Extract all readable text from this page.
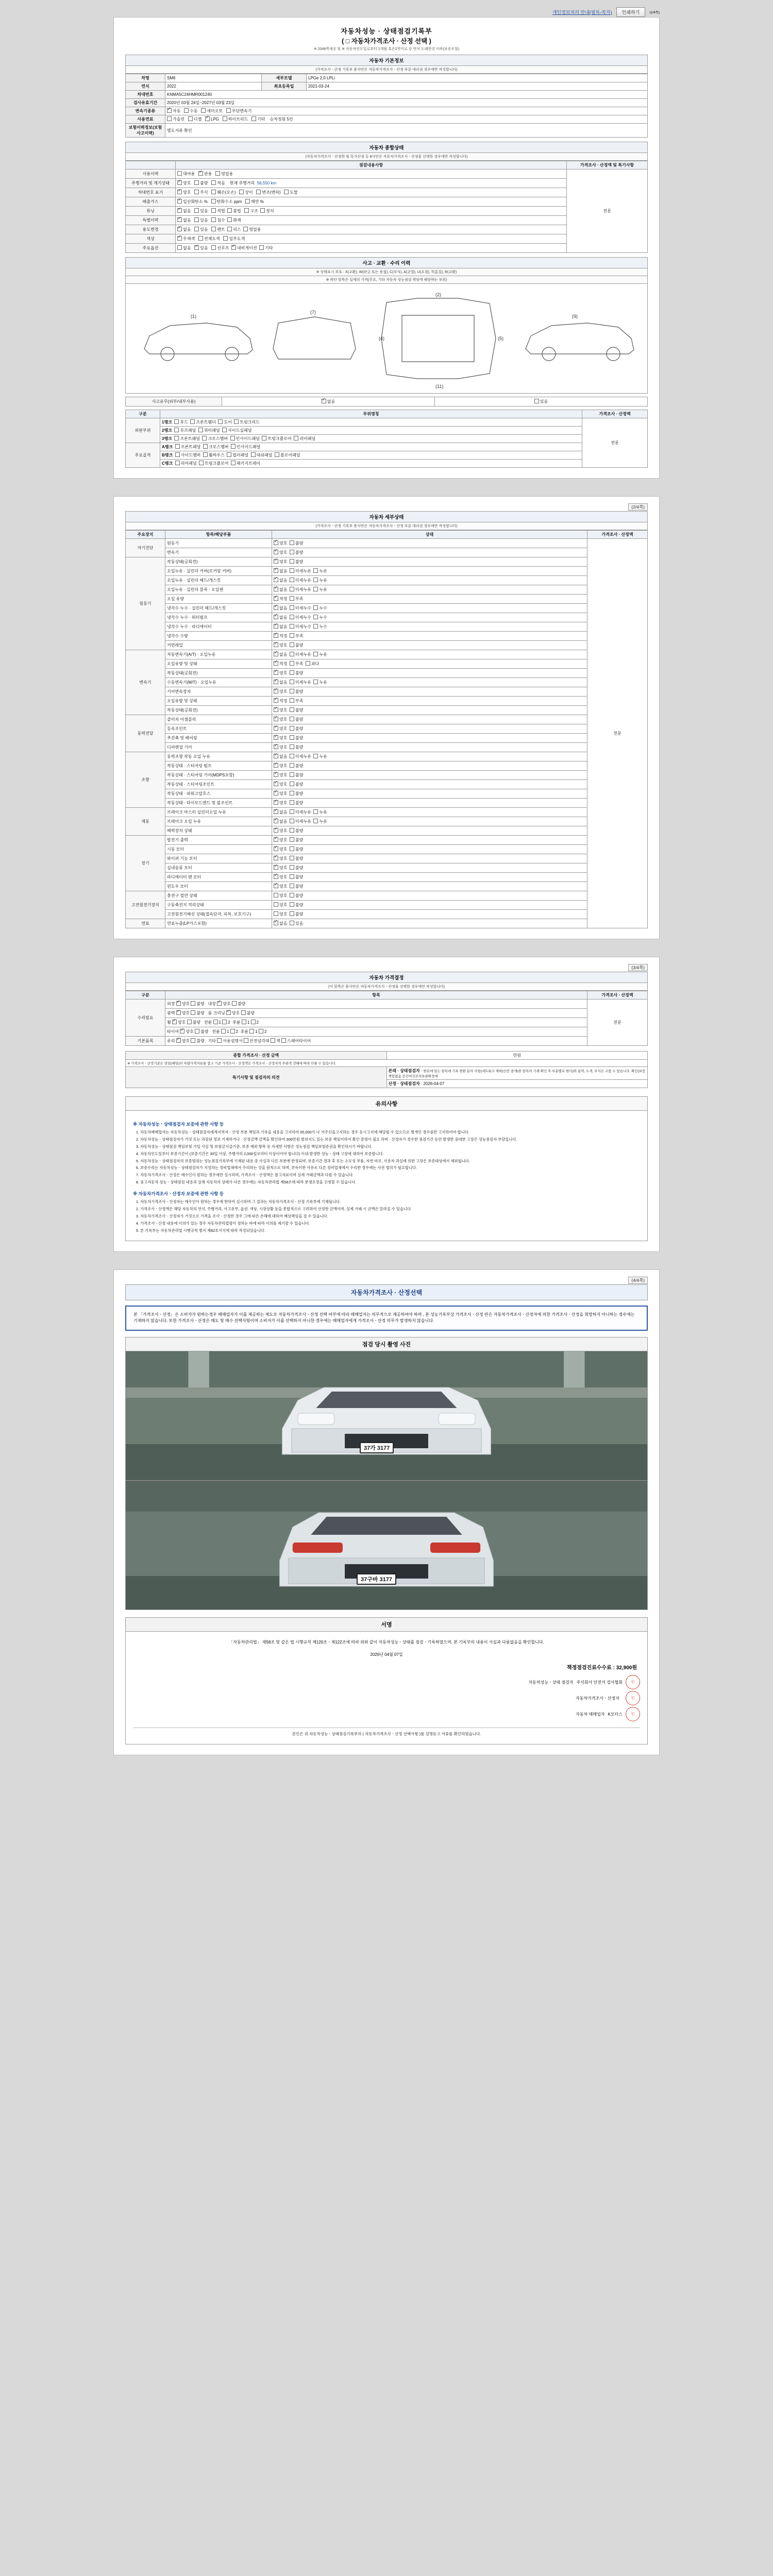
개인정보처리 안내(필독-꼭지)	인쇄하기	(1/4쪽)
자동차성능 · 상태점검기록부
( □ 자동차가격조사 · 산정 선택 )
※ 2048쪽제공 및 ※ 자동차인도일로부터 1개월 혹은2천키로 중 먼저 도래한것 이하(보증포함)
자동차 기본정보
(가격조사ㆍ산정 기록부 용사안은 자동차가격조사ㆍ산정 부분 대리권 경우에만 작성합니다)
차명	SM6	세부모델	LPGe 2.0 LPLi
연식	2022	최초등록일	2021-03-24
차대번호	KNMA5C24HMR001240		
검사유효기간	2020년 03월 24일~2027년 03월 23일		
변속기종류	✓자동 수동 세미오토 무단변속기
사용연료	가솔린 디젤 ✓ LPG 하이브리드 기타 승차정원 5인
보험이력정보(보험사고이력)	별도서류 확인		
자동차 종합상태
(자동차가격조사ㆍ산정한 및 특가산정 등 8사안은 자동차가격조사ㆍ산정을 선택한 경우에만 작성합니다)
	점검내용사항	가격조사 · 산정액 및 특기사항
사용이력	대여용 ✓ 관용 영업용	전문
주행거리 및 계기상태	✓양호 불량 적음 현재 주행거리 56,550 km
차대번호 표기	✓양호 부식 훼손(오손) 상이 변조(변타) 도말
배출가스	✓일산화탄소 % 탄화수소 ppm 매연 %
튜닝	✓없음 있음 적법 불법 구조 장치
특별이력	✓없음 있음 침수 화재
용도변경	✓없음 있음 렌트 리스 영업용
색상	✓무채색 전체도색 일부도색
주요옵션	없음 ✓ 있음 선루프 ✓ 내비게이션 기타
사고 · 교환 · 수리 이력
※ 상태표시 부호 : X(교환), W(판금 또는 용접), C(부식), A(균열), U(요철), T(흠집), R(교환)
※ 하단 항목은 실제의 가격(주요, 기타 자동차 성능점검 책임에 해당하는 부위)
(1)
(7)
(2)
(11)
(4)	(5)
(9)
사고유무(외부/내부사용)	✓없음	있음
구분	부위명칭	가격조사 · 산정액
외판부위	1랭크 후드 프론트휀더 도어 트렁크리드	전문
	2랭크 루프패널 쿼터패널 사이드실패널	
	3랭크 프론트패널 크로스멤버 인사이드패널 트렁크플로어 리어패널	
주요골격	A랭크 프론트패널 크로스멤버 인사이드패널	
	B랭크 사이드멤버 휠하우스 필러패널 대쉬패널 플로어패널	
	C랭크 리어패널 트렁크플로어 패키지트레이	
(2/4쪽)
자동차 세부상태
(가격조사ㆍ산정 기록부 용사안은 자동차가격조사ㆍ산정 부분 대리권 경우에만 작성합니다)
주요장치	항목/해당부품	상태	가격조사 · 산정액
자기진단	원동기	✓양호  불량	전문
	변속기	✓양호  불량
원동기	작동상태(공회전)	✓양호  불량
	오일누유 · 실린더 커버(로커암 커버)	✓없음  미세누유  누유
	오일누유 · 실린더 헤드/개스킷	✓없음  미세누유  누유
	오일누유 · 실린더 블록 · 오일팬	✓없음  미세누유  누유
	오일 유량	✓적정  부족
	냉각수 누수 · 실린더 헤드/개스킷	✓없음  미세누수  누수
	냉각수 누수 · 워터펌프	✓없음  미세누수  누수
	냉각수 누수 · 라디에이터	✓없음  미세누수  누수
	냉각수 수량	✓적정  부족
	커먼레일	✓양호  불량
변속기	자동변속기(A/T) · 오일누유	✓없음  미세누유  누유
	오일유량 및 상태	✓적정  부족  과다
	작동상태(공회전)	✓양호  불량
	수동변속기(M/T) · 오일누유	✓없음  미세누유  누유
	기어변속장치	✓양호  불량
	오일유량 및 상태	✓적정  부족
	작동상태(공회전)	✓양호  불량
동력전달	클러치 어셈블리	✓양호  불량
	등속조인트	✓양호  불량
	추진축 및 베어링	✓양호  불량
	디퍼렌셜 기어	✓양호  불량
조향	동력조향 작동 오일 누유	✓없음  미세누유  누유
	작동상태 · 스티어링 펌프	✓양호  불량
	작동상태 · 스티어링 기어(MDPS포함)	✓양호  불량
	작동상태 · 스티어링조인트	✓양호  불량
	작동상태 · 파워고압호스	✓양호  불량
	작동상태 · 타이로드엔드 및 볼조인트	✓양호  불량
제동	브레이크 마스터 실린더오일 누유	✓없음  미세누유  누유
	브레이크 오일 누유	✓없음  미세누유  누유
	배력장치 상태	✓양호  불량
전기	발전기 출력	✓양호  불량
	시동 모터	✓양호  불량
	와이퍼 기능 모터	✓양호  불량
	실내송풍 모터	✓양호  불량
	라디에이터 팬 모터	✓양호  불량
	윈도우 모터	✓양호  불량
고전원전기장치	충전구 절연 상태	양호  불량	
	구동축전지 격리상태	양호  불량	
	고전원전기배선 상태(접속단자, 피복, 보호기구)	양호  불량	
연료	연료누출(LP가스포함)	✓없음  있음
(3/4쪽)
자동차 가격결정
(이 항목은 용사안은 자동차가격조사ㆍ산정을 선택한 경우에만 작성합니다)
구분	항목	가격조사 · 산정액
수리필요	외장 ✓ 양호 불량 내장 ✓ 양호 불량	전문
	광택 ✓ 양호 불량 룸 크리닝 ✓ 양호 불량
	휠 ✓ 양호 불량 전륜 1 2 후륜 1 2
	타이어 ✓ 양호 불량 전륜 1 2 후륜 1 2
기본품목	유리 ✓ 양호 불량 기타 사용설명서 안전삼각대 잭 스페어타이어
종합 가격조사 · 산정 금액	만원
※ 가격조사ㆍ산정기준은 당일(해당)의 차량가격자료를 참고 기준 가격조사ㆍ산정액은 가격조사ㆍ산정자의 주관적 견해에 따라 다를 수 있습니다.	
특기사항 및 점검자의 의견	본래 · 상태점검자 : 원본에 있는 항목에 기록 변환 문의 사항(네트워크 제외)인증 중개(한 항목의 기재 확인 후 부분별로 한다)와 용역, 도색, 부식은 고품 수 있습니다. 확인(보증책임없음 공간여건조치보관확정에
	산정 · 상태점검자 : 2026-04-07
유의사항
※ 자동차성능ㆍ상태점검자 보증에 관한 사항 등
1. 자동차매매업자는 자동차성능ㆍ상태점검자에게지역자ㆍ산정 부분 책임과 기록을 내용을 고지하여 05,000가 나 거주신을고지하는 경우 동시고지에 해당될 수 있으므로 별개인 경우를만 고지하여야 합니다.
2. 자동차성능ㆍ상태점검자가 거짓 또는 과장된 정보 기재하거나 · 산정금액 금액을 확인하여 300만원 범위지도 있는 보증 책임이하여 확인 증빙이 필요 하며 · 산정자가 경우한 점검기간 동안 발생한 중대한 고장은 성능점검자 부담입니다.
3. 자동차성능ㆍ상태점검 책임보험 가입 사실 및 보험금지급기준, 보증 제외 항목 등 자세한 사항은 성능점검 책임보험증권을 확인하시기 바랍니다.
4. 자동차인도일부터 보증기간이 (보증기간은 30일 이상, 주행거리 2,000킬로미터 이상이어야 합니다) 이내 발생한 성능ㆍ상태 고장에 대하여 보증합니다.
5. 자동차성능ㆍ상태점검자의 보증범위는 성능점검기록부에 기재된 내용 중 사실과 다른 부분에 한정되며, 보증기간 경과 후 또는 소모성 부품, 자연 마모, 사용자 과실에 의한 고장은 보증대상에서 제외됩니다.
6. 보증수리는 자동차성능ㆍ상태점검자가 지정하는 정비업체에서 수리하는 것을 원칙으로 하며, 부득이한 사유로 다른 정비업체에서 수리한 경우에는 사전 협의가 필요합니다.
7. 자동차가격조사ㆍ산정은 매수인이 원하는 경우에만 실시하며, 가격조사ㆍ산정액은 참고자료이며 실제 거래금액과 다를 수 있습니다.
8. 중고자동차 성능ㆍ상태점검 내용과 실제 자동차의 상태가 다른 경우에는 자동차관리법 제58조에 따라 분쟁조정을 신청할 수 있습니다.
※ 자동차가격조사ㆍ산정자 보증에 관한 사항 등
1. 자동차가격조사ㆍ산정자는 매수인이 원하는 경우에 한하여 실시하며 그 결과는 자동차가격조사ㆍ산정 기록부에 기재됩니다.
2. 가격조사ㆍ산정액은 해당 자동차의 연식, 주행거리, 사고유무, 옵션, 색상, 시장상황 등을 종합적으로 고려하여 산정한 금액이며, 실제 거래 시 금액은 달라질 수 있습니다.
3. 자동차가격조사ㆍ산정자가 거짓으로 가격을 조사ㆍ산정한 경우 그에 따른 손해에 대하여 배상책임을 질 수 있습니다.
4. 가격조사ㆍ산정 내용에 이의가 있는 경우 자동차관리법령이 정하는 바에 따라 이의를 제기할 수 있습니다.
5. 본 기록부는 자동차관리법 시행규칙 별지 제82호서식에 따라 작성되었습니다.
(4/4쪽)
자동차가격조사 · 산정선택
본 「가격조사ㆍ산정」은 소비자가 원하는경우 매매업자가 이를 제공하는 제도로 자동차가격조사ㆍ산정 선택 여부에 따라 매매업자는 의무적으로 제공하여야 하며 , 본 성능기록부상 가격조사ㆍ산정 란은 자동차가격조사ㆍ산정자에 의한 가격조사ㆍ산정을 희망하지 아니하는 경우에는 기재하지 않습니다. 또한 가격조사ㆍ산정은 매도 및 매수 선택사항이며 소비자가 이를 선택하지 아니한 경우에는 매매업자에게 가격조사ㆍ산정 의무가 발생하지 않습니다.
점검 당시 촬영 사진
37가 3177
37구바 3177
서명
「자동차관리법」 제58조 및 같은 법 시행규칙 제120조ㆍ제122조에 따라 위와 같이 자동차성능ㆍ상태를 점검ㆍ기록하였으며, 본 기록부의 내용이 사실과 다름없음을 확인합니다.
2026년 04월 07일
책정점검진료수수료 : 32,900원
자동차성능ㆍ상태 점검자 주식회사 안전커 검사협회	인
자동차가격조사ㆍ산정자	인
자동차 매매업자 K모터스	인
본인은 위 자동차성능ㆍ상태점검기록부의 ( 자동차가격조사ㆍ산정 선택사항 )를 설명듣고 서류를 확인하였습니다.
